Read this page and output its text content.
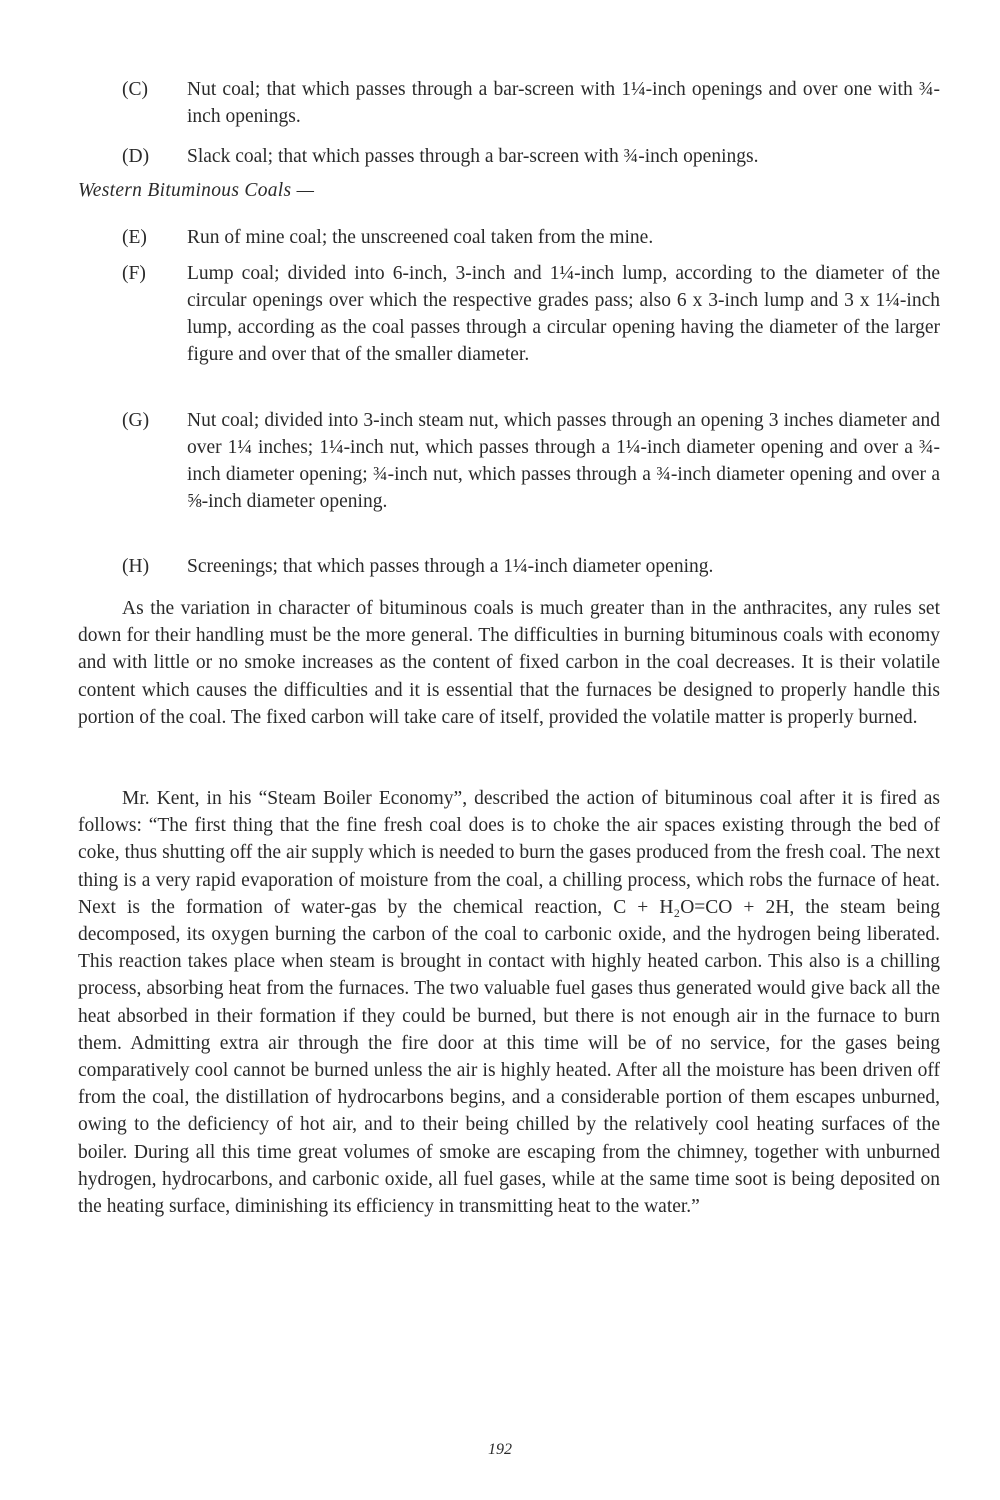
(C) Nut coal; that which passes through a bar-screen with 1¼-inch openings and over one with ¾-inch openings.
(D) Slack coal; that which passes through a bar-screen with ¾-inch openings.
Western Bituminous Coals —
(E) Run of mine coal; the unscreened coal taken from the mine.
(F) Lump coal; divided into 6-inch, 3-inch and 1¼-inch lump, according to the diameter of the circular openings over which the respective grades pass; also 6 x 3-inch lump and 3 x 1¼-inch lump, according as the coal passes through a circular opening having the diameter of the larger figure and over that of the smaller diameter.
(G) Nut coal; divided into 3-inch steam nut, which passes through an opening 3 inches diameter and over 1¼ inches; 1¼-inch nut, which passes through a 1¼-inch diameter opening and over a ¾-inch diameter opening; ¾-inch nut, which passes through a ¾-inch diameter opening and over a ⅝-inch diameter opening.
(H) Screenings; that which passes through a 1¼-inch diameter opening.

As the variation in character of bituminous coals is much greater than in the anthracites, any rules set down for their handling must be the more general. The difficulties in burning bituminous coals with economy and with little or no smoke increases as the content of fixed carbon in the coal decreases. It is their volatile content which causes the difficulties and it is essential that the furnaces be designed to properly handle this portion of the coal. The fixed carbon will take care of itself, provided the volatile matter is properly burned.

Mr. Kent, in his “Steam Boiler Economy”, described the action of bituminous coal after it is fired as follows: “The first thing that the fine fresh coal does is to choke the air spaces existing through the bed of coke, thus shutting off the air supply which is needed to burn the gases produced from the fresh coal. The next thing is a very rapid evaporation of moisture from the coal, a chilling process, which robs the furnace of heat. Next is the formation of water-gas by the chemical reaction, C + H₂O=CO + 2H, the steam being decomposed, its oxygen burning the carbon of the coal to carbonic oxide, and the hydrogen being liberated. This reaction takes place when steam is brought in contact with highly heated carbon. This also is a chilling process, absorbing heat from the furnaces. The two valuable fuel gases thus generated would give back all the heat absorbed in their formation if they could be burned, but there is not enough air in the furnace to burn them. Admitting extra air through the fire door at this time will be of no service, for the gases being comparatively cool cannot be burned unless the air is highly heated. After all the moisture has been driven off from the coal, the distillation of hydrocarbons begins, and a considerable portion of them escapes unburned, owing to the deficiency of hot air, and to their being chilled by the relatively cool heating surfaces of the boiler. During all this time great volumes of smoke are escaping from the chimney, together with unburned hydrogen, hydrocarbons, and carbonic oxide, all fuel gases, while at the same time soot is being deposited on the heating surface, diminishing its efficiency in transmitting heat to the water.”

192
